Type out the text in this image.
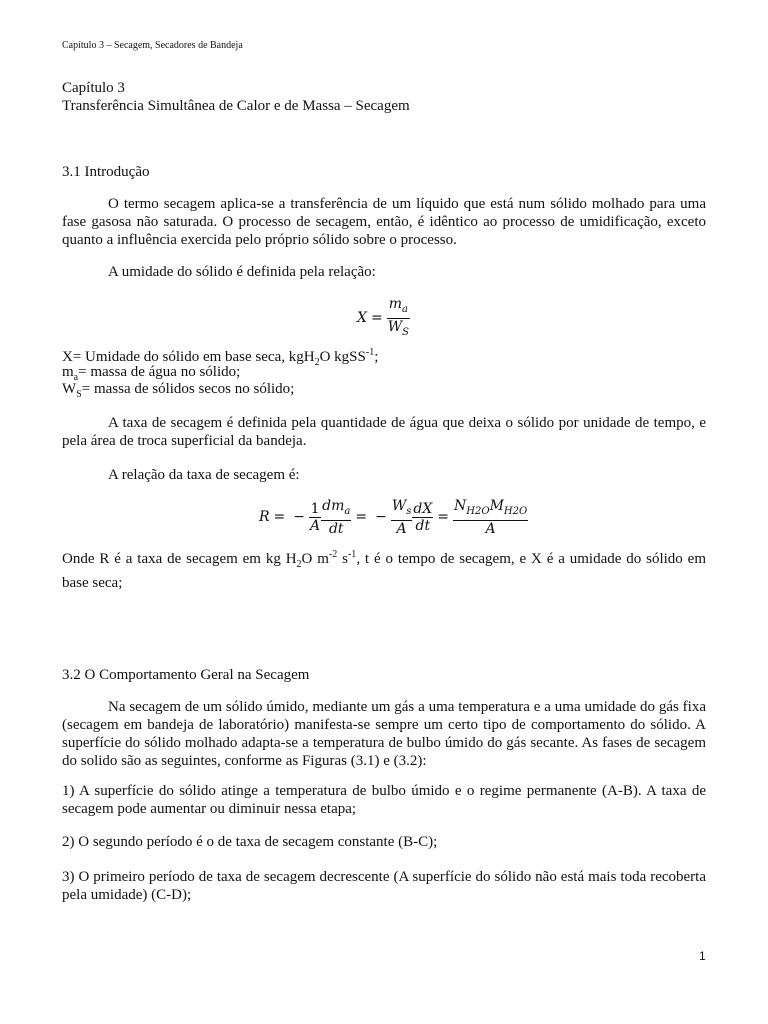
Capítulo 3 – Secagem, Secadores de Bandeja
Capítulo 3
Transferência Simultânea de Calor e de Massa – Secagem
3.1 Introdução

O termo secagem aplica-se a transferência de um líquido que está num sólido molhado para uma fase gasosa não saturada. O processo de secagem, então, é idêntico ao processo de umidificação, exceto quanto a influência exercida pelo próprio sólido sobre o processo.

A umidade do sólido é definida pela relação:

$X = \frac{m_a}{W_S}$
X= Umidade do sólido em base seca, kgH$_2$O kgSS$^{-1}$;
$m_a=$ massa de água no sólido;
$W_S=$ massa de sólidos secos no sólido;

A taxa de secagem é definida pela quantidade de água que deixa o sólido por unidade de tempo, e pela área de troca superficial da bandeja.

A relação da taxa de secagem é:

R = − $\frac{1}{A} \frac{dm_a}{dt}$ = − $\frac{W_s}{A} \frac{dX}{dt} = \frac{N_{H2O}M_{H2O}}{A}$

Onde R é a taxa de secagem em kg $H_2O$ $m^{-2}$ $s^{-1}$, t é o tempo de secagem, e X é a umidade do sólido em base seca;

3.2 O Comportamento Geral na Secagem

Na secagem de um sólido úmido, mediante um gás a uma temperatura e a uma umidade do gás fixa (secagem em bandeja de laboratório) manifesta-se sempre um certo tipo de comportamento do sólido. A superfície do sólido molhado adapta-se a temperatura de bulbo úmido do gás secante. As fases de secagem do solido são as seguintes, conforme as Figuras (3.1) e (3.2):

1) A superfície do sólido atinge a temperatura de bulbo úmido e o regime permanente (A-B). A taxa de secagem pode aumentar ou diminuir nessa etapa;

2) O segundo período é o de taxa de secagem constante (B-C);

3) O primeiro período de taxa de secagem decrescente (A superfície do sólido não está mais toda recoberta pela umidade) (C-D);

1
